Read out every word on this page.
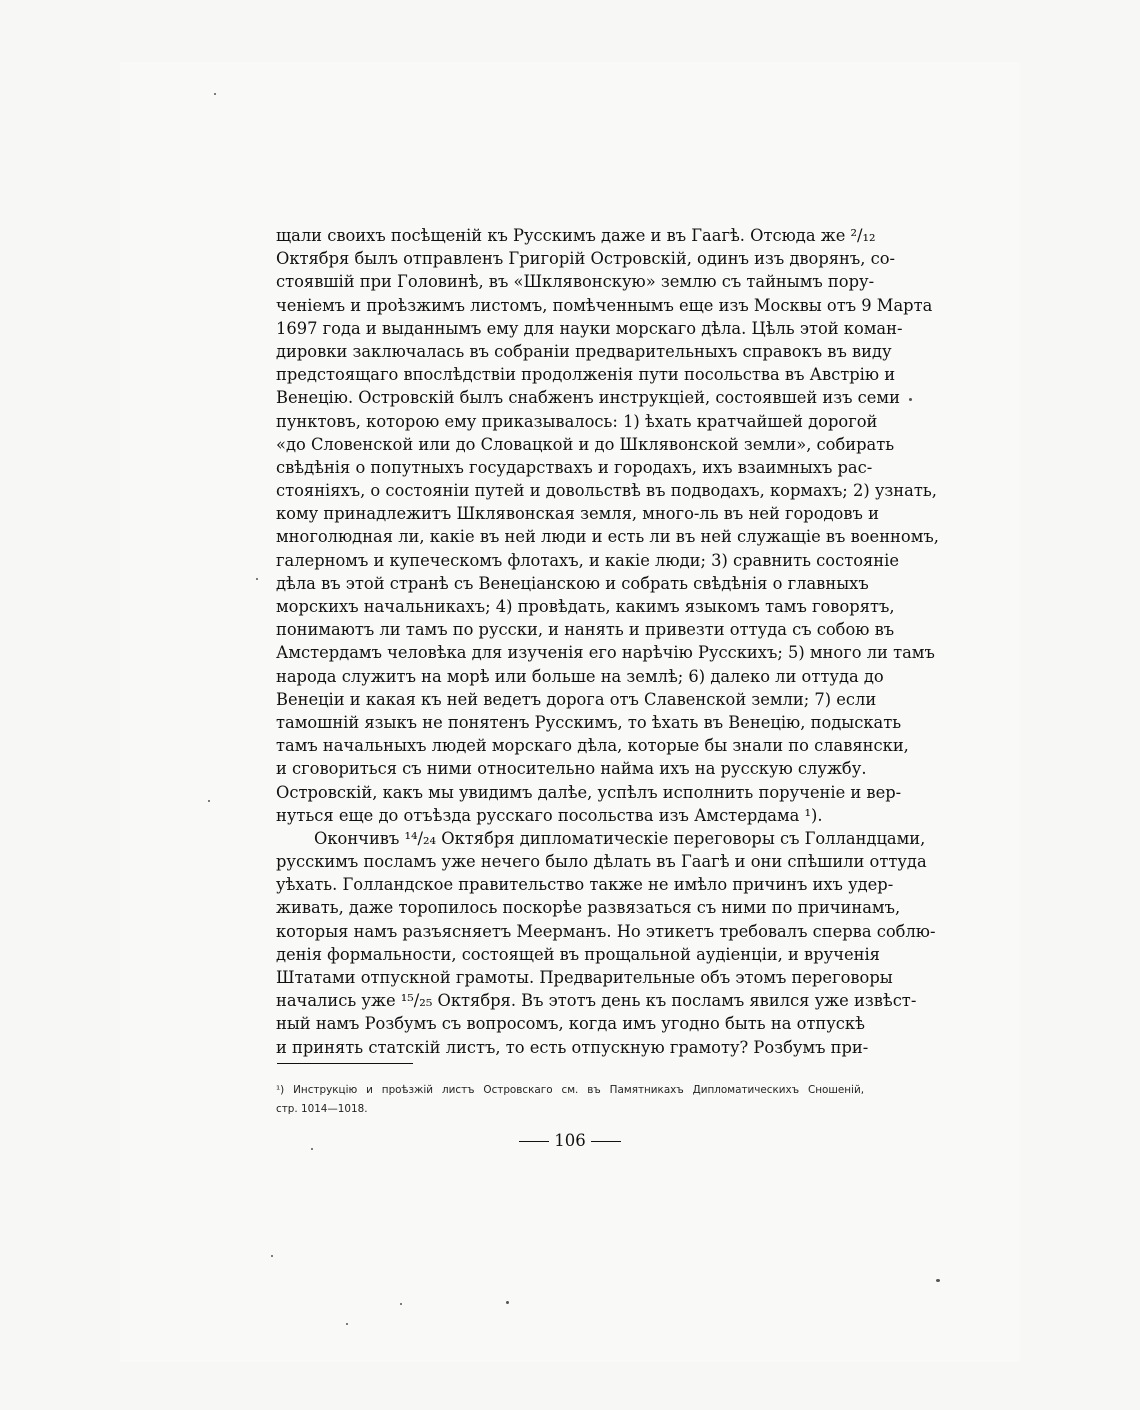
щали своихъ посѣщеній къ Русскимъ даже и въ Гаагѣ. Отсюда же ²/₁₂
Октября былъ отправленъ Григорій Островскій, одинъ изъ дворянъ, со-
стоявшій при Головинѣ, въ «Шклявонскую» землю съ тайнымъ пору-
ченіемъ и проѣзжимъ листомъ, помѣченнымъ еще изъ Москвы отъ 9 Марта
1697 года и выданнымъ ему для науки морскаго дѣла. Цѣль этой коман-
дировки заключалась въ собраніи предварительныхъ справокъ въ виду
предстоящаго впослѣдствіи продолженія пути посольства въ Австрію и
Венецію. Островскій былъ снабженъ инструкціей, состоявшей изъ семи
пунктовъ, которою ему приказывалось: 1) ѣхать кратчайшей дорогой
«до Словенской или до Словацкой и до Шклявонской земли», собирать
свѣдѣнія о попутныхъ государствахъ и городахъ, ихъ взаимныхъ рас-
стояніяхъ, о состояніи путей и довольствѣ въ подводахъ, кормахъ; 2) узнать,
кому принадлежитъ Шклявонская земля, много-ль въ ней городовъ и
многолюдная ли, какіе въ ней люди и есть ли въ ней служащіе въ военномъ,
галерномъ и купеческомъ флотахъ, и какіе люди; 3) сравнить состояніе
дѣла въ этой странѣ съ Венеціанскою и собрать свѣдѣнія о главныхъ
морскихъ начальникахъ; 4) провѣдать, какимъ языкомъ тамъ говорятъ,
понимаютъ ли тамъ по русски, и нанять и привезти оттуда съ собою въ
Амстердамъ человѣка для изученія его нарѣчію Русскихъ; 5) много ли тамъ
народа служитъ на морѣ или больше на землѣ; 6) далеко ли оттуда до
Венеціи и какая къ ней ведетъ дорога отъ Славенской земли; 7) если
тамошній языкъ не понятенъ Русскимъ, то ѣхать въ Венецію, подыскать
тамъ начальныхъ людей морскаго дѣла, которые бы знали по славянски,
и сговориться съ ними относительно найма ихъ на русскую службу.
Островскій, какъ мы увидимъ далѣе, успѣлъ исполнить порученіе и вер-
нуться еще до отъѣзда русскаго посольства изъ Амстердама ¹).
Окончивъ ¹⁴/₂₄ Октября дипломатическіе переговоры съ Голландцами,
русскимъ посламъ уже нечего было дѣлать въ Гаагѣ и они спѣшили оттуда
уѣхать. Голландское правительство также не имѣло причинъ ихъ удер-
живать, даже торопилось поскорѣе развязаться съ ними по причинамъ,
которыя намъ разъясняетъ Меерманъ. Но этикетъ требовалъ сперва соблю-
денія формальности, состоящей въ прощальной аудіенціи, и врученія
Штатами отпускной грамоты. Предварительные объ этомъ переговоры
начались уже ¹⁵/₂₅ Октября. Въ этотъ день къ посламъ явился уже извѣст-
ный намъ Розбумъ съ вопросомъ, когда имъ угодно быть на отпускѣ
и принять статскій листъ, то есть отпускную грамоту? Розбумъ при-
¹) Инструкцію и проѣзжій листъ Островскаго см. въ Памятникахъ Дипломатическихъ Сношеній,
стр. 1014—1018.
106
